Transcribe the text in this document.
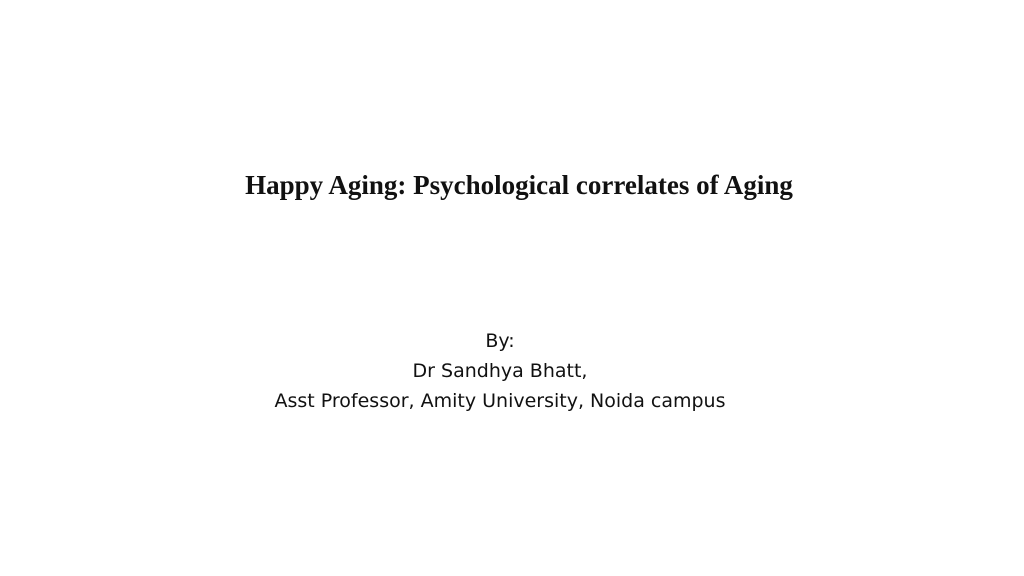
Happy Aging: Psychological correlates of Aging
By:
Dr Sandhya Bhatt,
Asst Professor, Amity University, Noida campus
